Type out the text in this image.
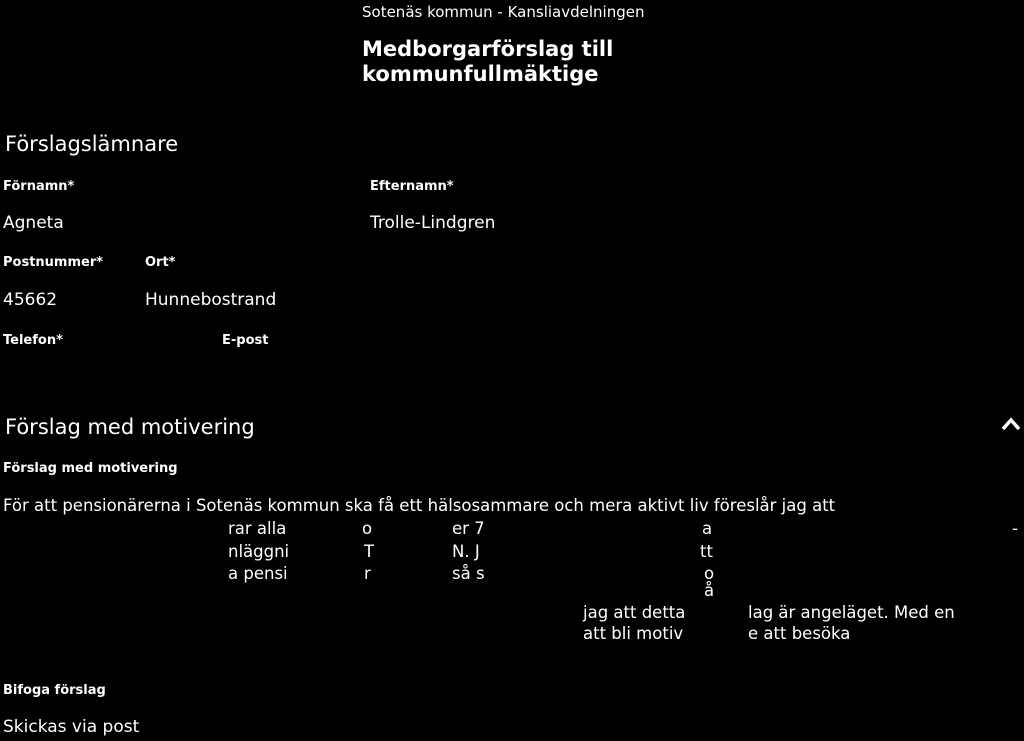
Sotenäs kommun - Kansliavdelningen
Medborgarförslag till
kommunfullmäktige
Förslagslämnare
Förnamn*	Efternamn*
Agneta	Trolle-Lindgren
Postnummer*	Ort*
45662	Hunnebostrand
Telefon*	E-post
Förslag med motivering
Förslag med motivering
För att pensionärerna i Sotenäs kommun ska få ett hälsosammare och mera aktivt liv föreslår jag att
rar alla	o	er 7	a	-
nläggni	T	N. J	tt
a pensi	r	så s	o
å
jag att detta	lag är angeläget. Med en
att bli motiv	e att besöka
Bifoga förslag
Skickas via post
